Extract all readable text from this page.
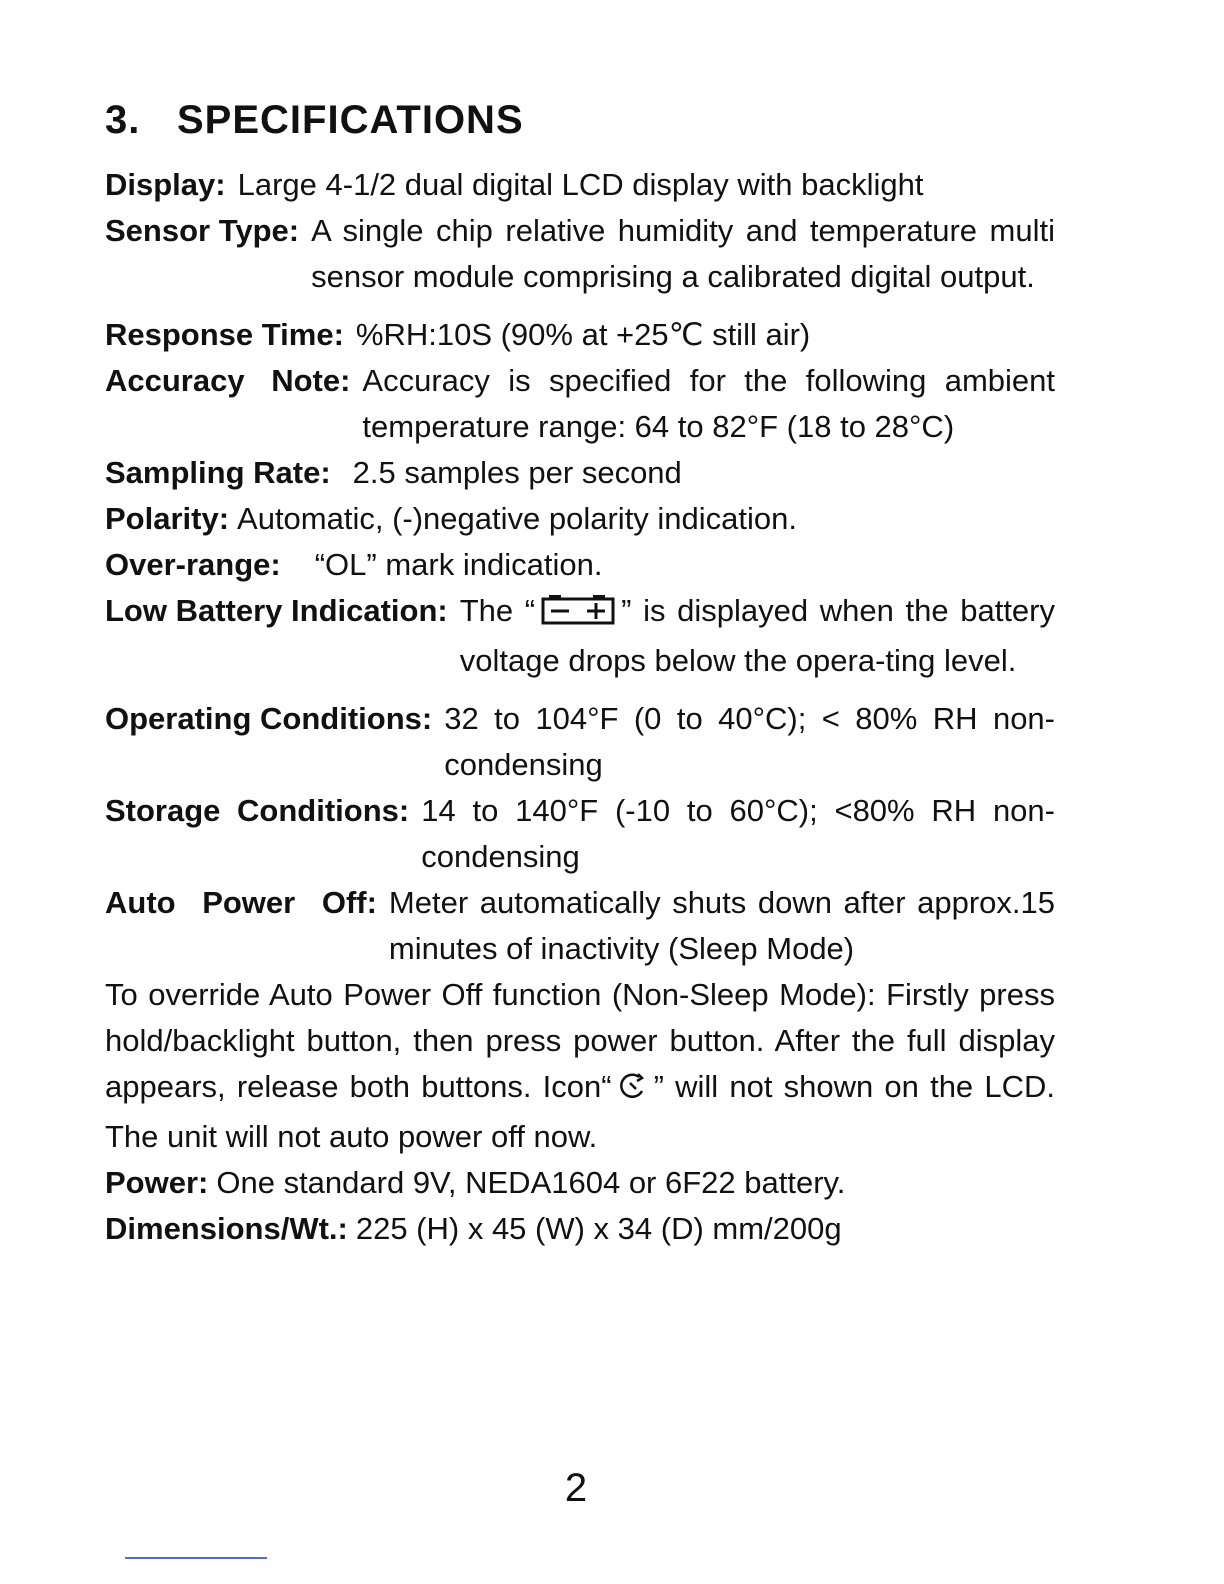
3. SPECIFICATIONS
Display: Large 4-1/2 dual digital LCD display with backlight
Sensor Type: A single chip relative humidity and temperature multi sensor module comprising a calibrated digital output.
Response Time: %RH:10S (90% at +25℃ still air)
Accuracy Note: Accuracy is specified for the following ambient temperature range: 64 to 82°F (18 to 28°C)
Sampling Rate: 2.5 samples per second
Polarity: Automatic, (-)negative polarity indication.
Over-range:	“OL” mark indication.
Low Battery Indication: The “	” is displayed when the battery voltage drops below the opera-ting level.
Operating Conditions: 32 to 104°F (0 to 40°C); < 80% RH non-condensing
Storage Conditions: 14 to 140°F (-10 to 60°C); <80% RH non-condensing
Auto Power Off: Meter automatically shuts down after approx.15 minutes of inactivity (Sleep Mode)

To override Auto Power Off function (Non-Sleep Mode): Firstly press hold/backlight button, then press power button. After the full display appears, release both buttons. Icon“ ” will not shown on the LCD. The unit will not auto power off now.

Power: One standard 9V, NEDA1604 or 6F22 battery.
Dimensions/Wt.: 225 (H) x 45 (W) x 34 (D) mm/200g

2
